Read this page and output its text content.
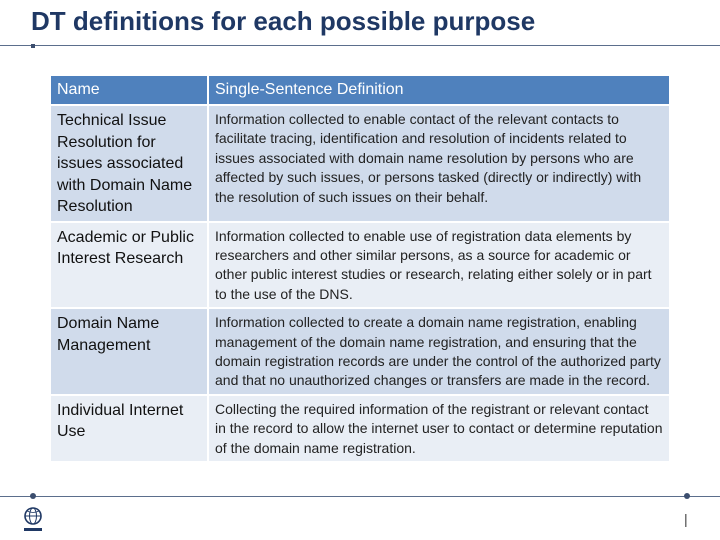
DT definitions for each possible purpose
Name	Single-Sentence Definition
Technical Issue Resolution for issues associated with Domain Name Resolution	Information collected to enable contact of the relevant contacts to facilitate tracing, identification and resolution of incidents related to issues associated with domain name resolution by persons who are affected by such issues, or persons tasked (directly or indirectly) with the resolution of such issues on their behalf.
Academic or Public Interest Research	Information collected to enable use of registration data elements by researchers and other similar persons, as a source for academic or other public interest studies or research, relating either solely or in part to the use of the DNS.
Domain Name Management	Information collected to create a domain name registration, enabling management of the domain name registration, and ensuring that the domain registration records are under the control of the authorized party and that no unauthorized changes or transfers are made in the record.
Individual Internet Use	Collecting the required information of the registrant or relevant contact in the record to allow the internet user to contact or determine reputation of the domain name registration.
|
